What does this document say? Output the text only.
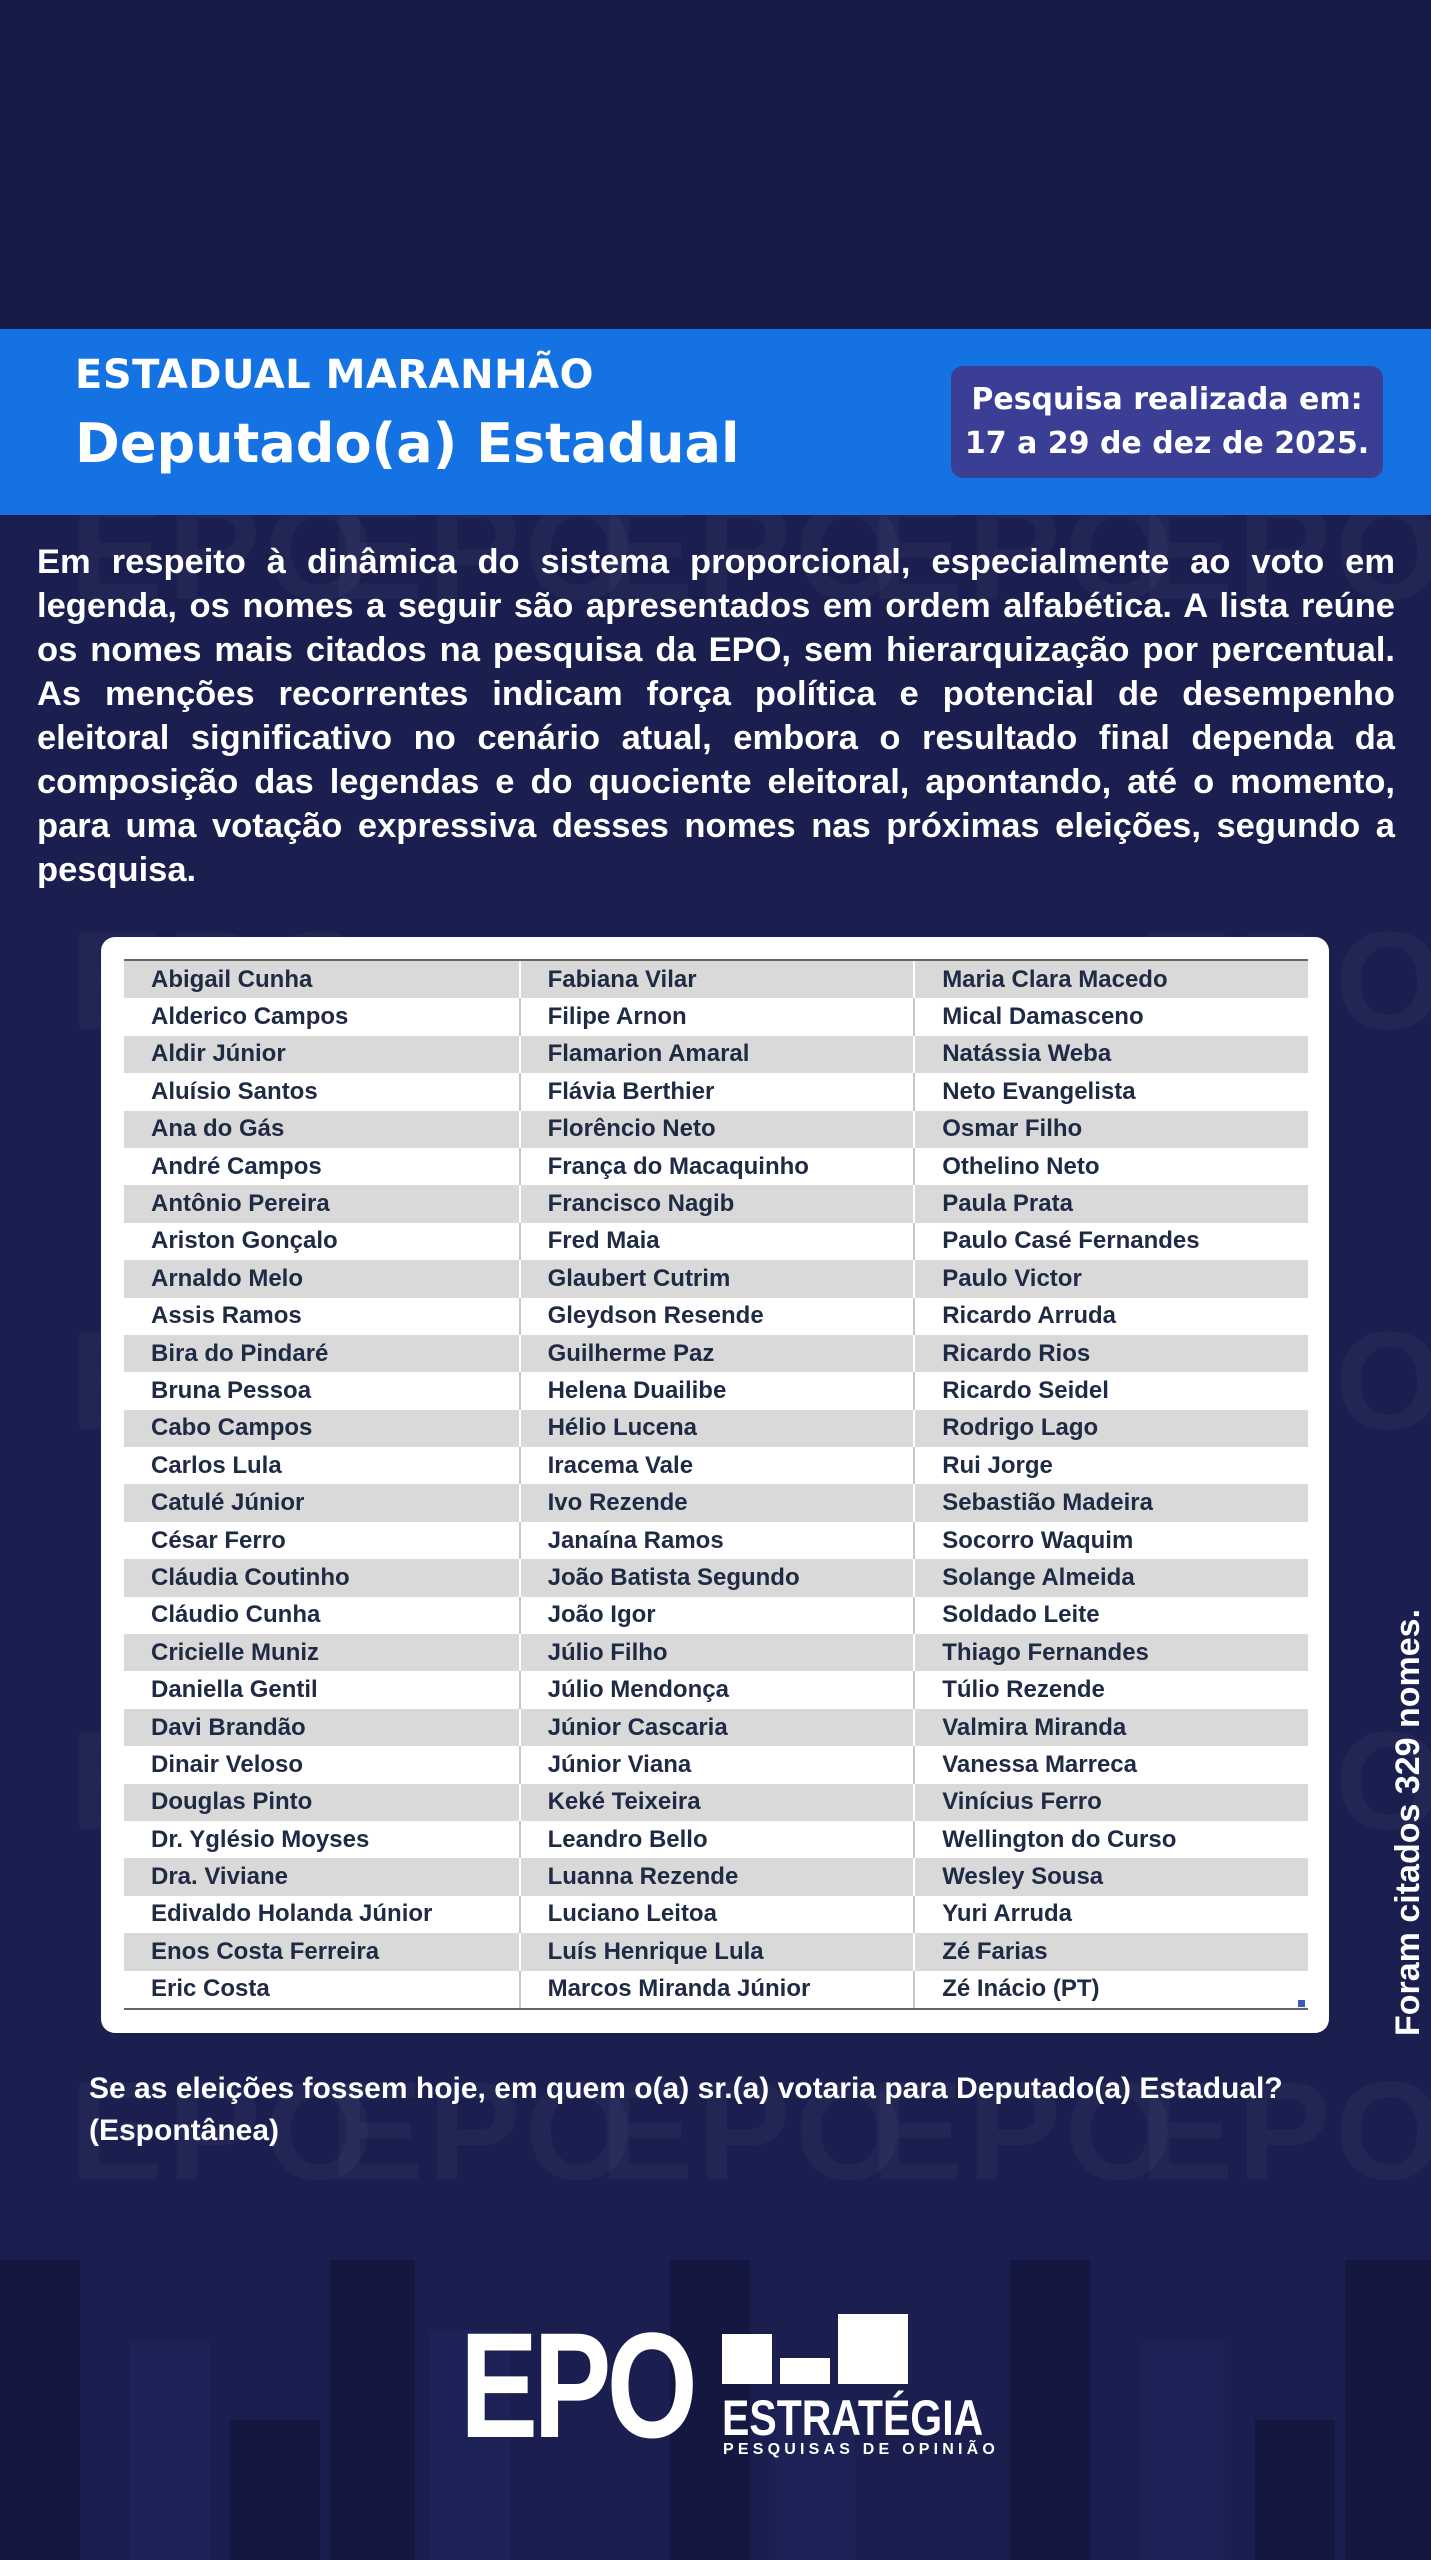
ESTADUAL MARANHÃO
Deputado(a) Estadual
Pesquisa realizada em:
17 a 29 de dez de 2025.
Em respeito à dinâmica do sistema proporcional, especialmente ao voto em legenda, os nomes a seguir são apresentados em ordem alfabética. A lista reúne os nomes mais citados na pesquisa da EPO, sem hierarquização por percentual. As menções recorrentes indicam força política e potencial de desempenho eleitoral significativo no cenário atual, embora o resultado final dependa da composição das legendas e do quociente eleitoral, apontando, até o momento, para uma votação expressiva desses nomes nas próximas eleições, segundo a pesquisa.
Abigail Cunha	Fabiana Vilar	Maria Clara Macedo
Alderico Campos	Filipe Arnon	Mical Damasceno
Aldir Júnior	Flamarion Amaral	Natássia Weba
Aluísio Santos	Flávia Berthier	Neto Evangelista
Ana do Gás	Florêncio Neto	Osmar Filho
André Campos	França do Macaquinho	Othelino Neto
Antônio Pereira	Francisco Nagib	Paula Prata
Ariston Gonçalo	Fred Maia	Paulo Casé Fernandes
Arnaldo Melo	Glaubert Cutrim	Paulo Victor
Assis Ramos	Gleydson Resende	Ricardo Arruda
Bira do Pindaré	Guilherme Paz	Ricardo Rios
Bruna Pessoa	Helena Duailibe	Ricardo Seidel
Cabo Campos	Hélio Lucena	Rodrigo Lago
Carlos Lula	Iracema Vale	Rui Jorge
Catulé Júnior	Ivo Rezende	Sebastião Madeira
César Ferro	Janaína Ramos	Socorro Waquim
Cláudia Coutinho	João Batista Segundo	Solange Almeida
Cláudio Cunha	João Igor	Soldado Leite
Cricielle Muniz	Júlio Filho	Thiago Fernandes
Daniella Gentil	Júlio Mendonça	Túlio Rezende
Davi Brandão	Júnior Cascaria	Valmira Miranda
Dinair Veloso	Júnior Viana	Vanessa Marreca
Douglas Pinto	Keké Teixeira	Vinícius Ferro
Dr. Yglésio Moyses	Leandro Bello	Wellington do Curso
Dra. Viviane	Luanna Rezende	Wesley Sousa
Edivaldo Holanda Júnior	Luciano Leitoa	Yuri Arruda
Enos Costa Ferreira	Luís Henrique Lula	Zé Farias
Eric Costa	Marcos Miranda Júnior	Zé Inácio (PT)	Foram citados 329 nomes.
Se as eleições fossem hoje, em quem o(a) sr.(a) votaria para Deputado(a) Estadual? (Espontânea)
EPO ESTRATÉGIA
PESQUISAS DE OPINIÃO
